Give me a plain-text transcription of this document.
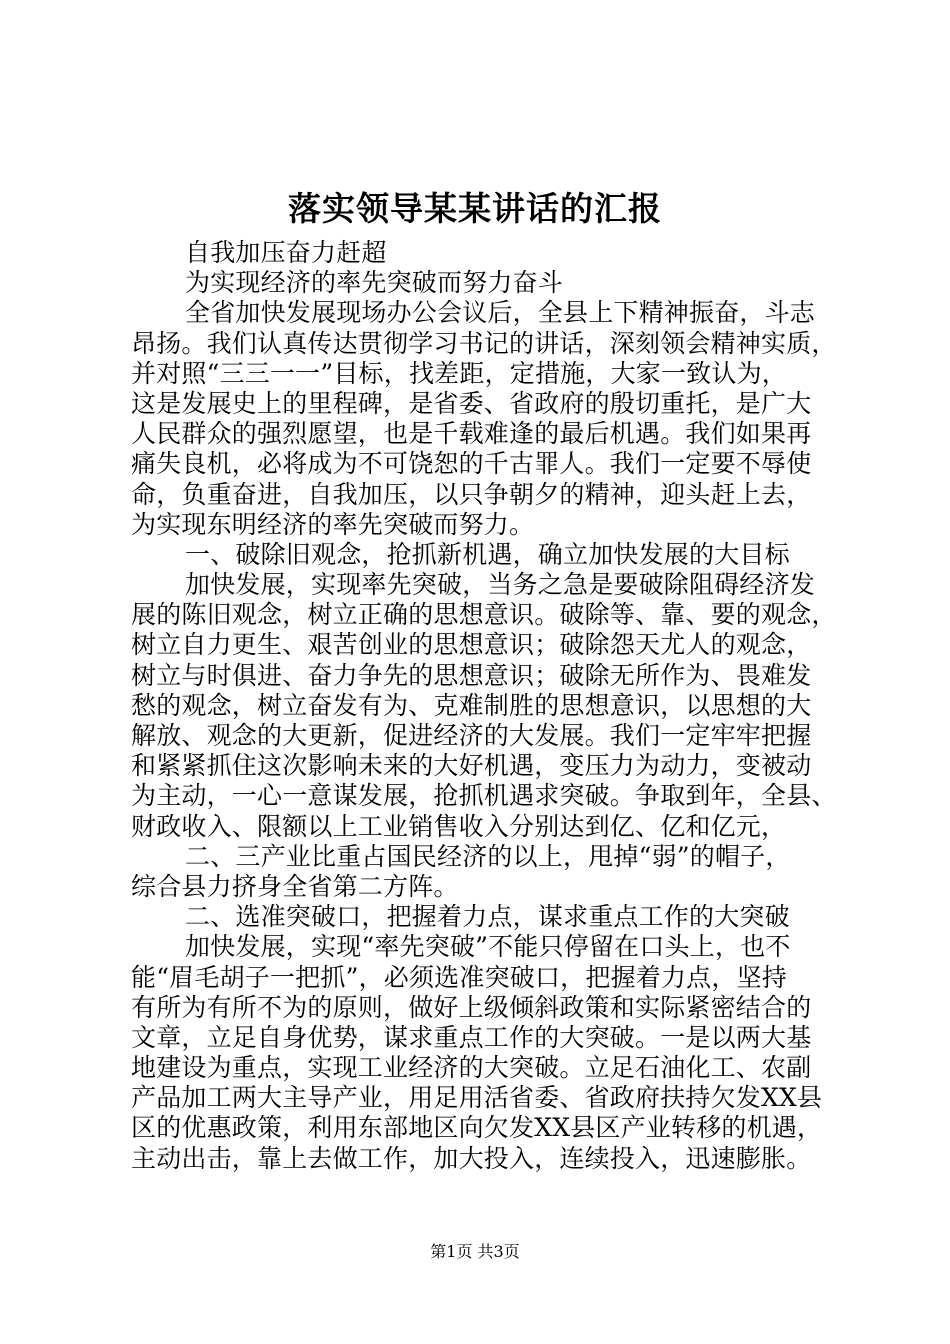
落实领导某某讲话的汇报
自我加压奋力赶超
为实现经济的率先突破而努力奋斗
全省加快发展现场办公会议后，全县上下精神振奋，斗志
昂扬。我们认真传达贯彻学习书记的讲话，深刻领会精神实质，
并对照“三三一一”目标，找差距，定措施，大家一致认为，
这是发展史上的里程碑，是省委、省政府的殷切重托，是广大
人民群众的强烈愿望，也是千载难逢的最后机遇。我们如果再
痛失良机，必将成为不可饶恕的千古罪人。我们一定要不辱使
命，负重奋进，自我加压，以只争朝夕的精神，迎头赶上去，
为实现东明经济的率先突破而努力。
一、破除旧观念，抢抓新机遇，确立加快发展的大目标
加快发展，实现率先突破，当务之急是要破除阻碍经济发
展的陈旧观念，树立正确的思想意识。破除等、靠、要的观念，
树立自力更生、艰苦创业的思想意识；破除怨天尤人的观念，
树立与时俱进、奋力争先的思想意识；破除无所作为、畏难发
愁的观念，树立奋发有为、克难制胜的思想意识，以思想的大
解放、观念的大更新，促进经济的大发展。我们一定牢牢把握
和紧紧抓住这次影响未来的大好机遇，变压力为动力，变被动
为主动，一心一意谋发展，抢抓机遇求突破。争取到年，全县、
财政收入、限额以上工业销售收入分别达到亿、亿和亿元，
二、三产业比重占国民经济的以上，甩掉“弱”的帽子，
综合县力挤身全省第二方阵。
二、选准突破口，把握着力点，谋求重点工作的大突破
加快发展，实现“率先突破”不能只停留在口头上，也不
能“眉毛胡子一把抓”，必须选准突破口，把握着力点，坚持
有所为有所不为的原则，做好上级倾斜政策和实际紧密结合的
文章，立足自身优势，谋求重点工作的大突破。一是以两大基
地建设为重点，实现工业经济的大突破。立足石油化工、农副
产品加工两大主导产业，用足用活省委、省政府扶持欠发XX县
区的优惠政策，利用东部地区向欠发XX县区产业转移的机遇，
主动出击，靠上去做工作，加大投入，连续投入，迅速膨胀。
第1页 共3页
